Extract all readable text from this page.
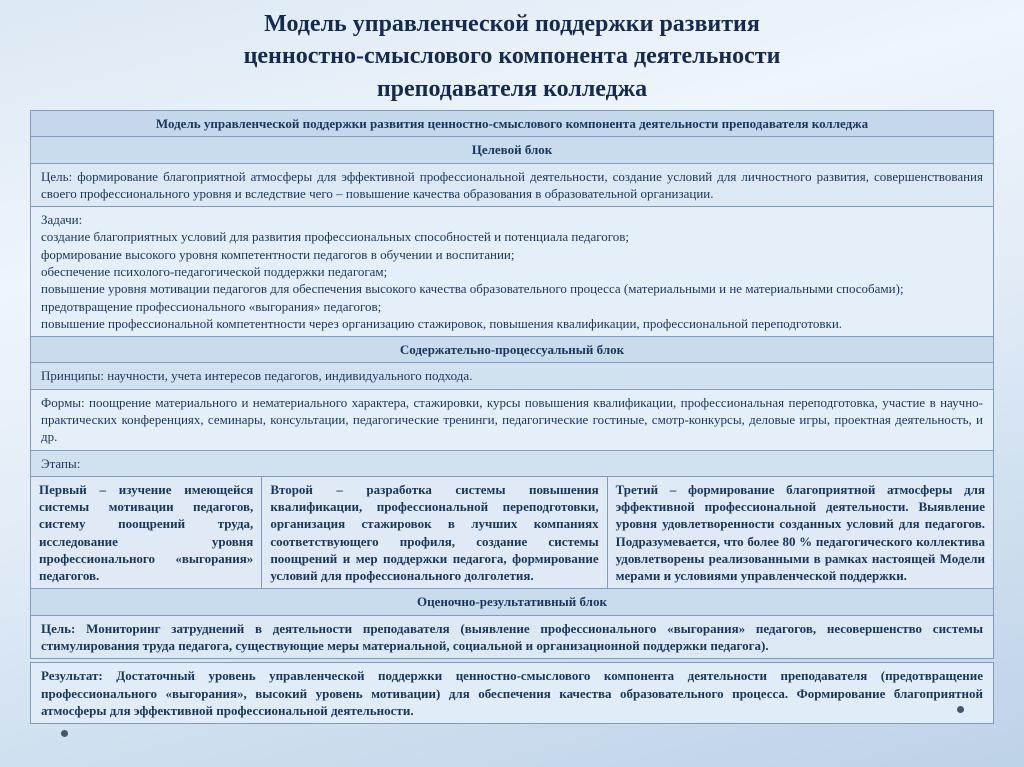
Модель управленческой поддержки развития
ценностно-смыслового компонента деятельности
преподавателя колледжа
Модель управленческой поддержки развития ценностно-смыслового компонента деятельности преподавателя колледжа
Целевой блок
Цель: формирование благоприятной атмосферы для эффективной профессиональной деятельности, создание условий для личностного развития, совершенствования своего профессионального уровня и вследствие чего – повышение качества образования в образовательной организации.
Задачи:
создание благоприятных условий для развития профессиональных способностей и потенциала педагогов;
формирование высокого уровня компетентности педагогов в обучении и воспитании;
обеспечение психолого-педагогической поддержки педагогам;
повышение уровня мотивации педагогов для обеспечения высокого качества образовательного процесса (материальными и не материальными способами);
предотвращение профессионального «выгорания» педагогов;
повышение профессиональной компетентности через организацию стажировок, повышения квалификации, профессиональной переподготовки.
Содержательно-процессуальный блок
Принципы: научности, учета интересов педагогов, индивидуального подхода.
Формы: поощрение материального и нематериального характера, стажировки, курсы повышения квалификации, профессиональная переподготовка, участие в научно-практических конференциях, семинары, консультации, педагогические тренинги, педагогические гостиные, смотр-конкурсы, деловые игры, проектная деятельность, и др.
Этапы:
Первый – изучение имеющейся системы мотивации педагогов, систему поощрений труда, исследование уровня профессионального «выгорания» педагогов.
Второй – разработка системы повышения квалификации, профессиональной переподготовки, организация стажировок в лучших компаниях соответствующего профиля, создание системы поощрений и мер поддержки педагога, формирование условий для профессионального долголетия.
Третий – формирование благоприятной атмосферы для эффективной профессиональной деятельности. Выявление уровня удовлетворенности созданных условий для педагогов. Подразумевается, что более 80 % педагогического коллектива удовлетворены реализованными в рамках настоящей Модели мерами и условиями управленческой поддержки.
Оценочно-результативный блок
Цель: Мониторинг затруднений в деятельности преподавателя (выявление профессионального «выгорания» педагогов, несовершенство системы стимулирования труда педагога, существующие меры материальной, социальной и организационной поддержки педагога).
Результат: Достаточный уровень управленческой поддержки ценностно-смыслового компонента деятельности преподавателя (предотвращение профессионального «выгорания», высокий уровень мотивации) для обеспечения качества образовательного процесса. Формирование благоприятной атмосферы для эффективной профессиональной деятельности.
